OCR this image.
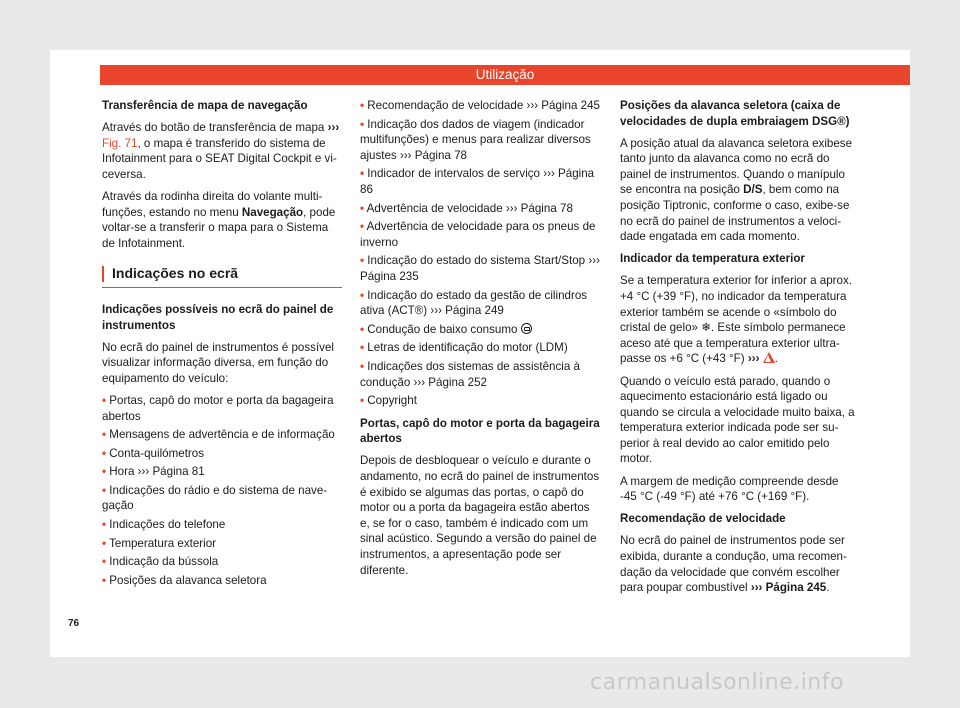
Utilização

Transferência de mapa de navegação

Através do botão de transferência de mapa ››› Fig. 71, o mapa é transferido do sistema de Infotainment para o SEAT Digital Cockpit e viceversa.

Através da rodinha direita do volante multifunções, estando no menu Navegação, pode voltar-se a transferir o mapa para o Sistema de Infotainment.

Indicações no ecrã

Indicações possíveis no ecrã do painel de instrumentos

No ecrã do painel de instrumentos é possível visualizar informação diversa, em função do equipamento do veículo:

• Portas, capô do motor e porta da bagageira abertos

• Mensagens de advertência e de informação

• Conta-quilómetros

• Hora ››› Página 81

• Indicações do rádio e do sistema de navegação

• Indicações do telefone

• Temperatura exterior

• Indicação da bússola

• Posições da alavanca seletora

• Recomendação de velocidade ››› Página 245

• Indicação dos dados de viagem (indicador multifunções) e menus para realizar diversos ajustes ››› Página 78

• Indicador de intervalos de serviço ››› Página 86

• Advertência de velocidade ››› Página 78

• Advertência de velocidade para os pneus de inverno

• Indicação do estado do sistema Start/Stop ››› Página 235

• Indicação do estado da gestão de cilindros ativa (ACT®) ››› Página 249

• Condução de baixo consumo

• Letras de identificação do motor (LDM)

• Indicações dos sistemas de assistência à condução ››› Página 252

• Copyright

Portas, capô do motor e porta da bagageira abertos

Depois de desbloquear o veículo e durante o andamento, no ecrã do painel de instrumentos é exibido se algumas das portas, o capô do motor ou a porta da bagageira estão abertos e, se for o caso, também é indicado com um sinal acústico. Segundo a versão do painel de instrumentos, a apresentação pode ser diferente.

Posições da alavanca seletora (caixa de velocidades de dupla embraiagem DSG®)

A posição atual da alavanca seletora exibese tanto junto da alavanca como no ecrã do painel de instrumentos. Quando o manípulo se encontra na posição D/S, bem como na posição Tiptronic, conforme o caso, exibe-se no ecrã do painel de instrumentos a velocidade engatada em cada momento.

Indicador da temperatura exterior

Se a temperatura exterior for inferior a aprox. +4 °C (+39 °F), no indicador da temperatura exterior também se acende o «símbolo do cristal de gelo» ❄. Este símbolo permanece aceso até que a temperatura exterior ultrapasse os +6 °C (+43 °F) ››› .

Quando o veículo está parado, quando o aquecimento estacionário está ligado ou quando se circula a velocidade muito baixa, a temperatura exterior indicada pode ser superior à real devido ao calor emitido pelo motor.

A margem de medição compreende desde -45 °C (-49 °F) até +76 °C (+169 °F).

Recomendação de velocidade

No ecrã do painel de instrumentos pode ser exibida, durante a condução, uma recomendação da velocidade que convém escolher para poupar combustível ››› Página 245.

76
carmanualsonline.info
